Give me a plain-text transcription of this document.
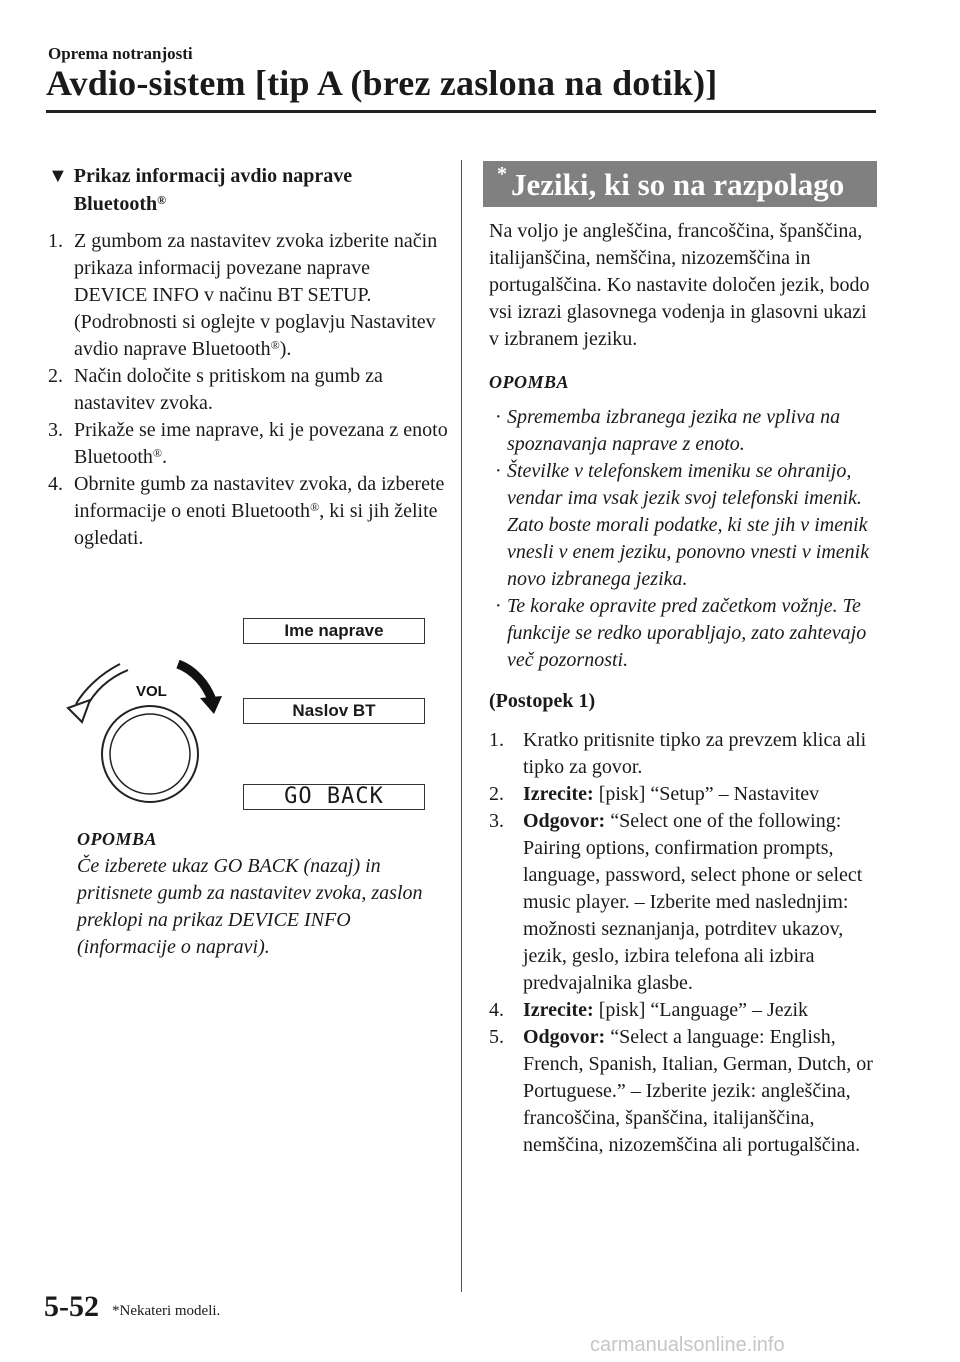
Oprema notranjosti
Avdio-sistem [tip A (brez zaslona na dotik)]
▼ Prikaz informacij avdio naprave Bluetooth®
1. Z gumbom za nastavitev zvoka izberite način prikaza informacij povezane naprave DEVICE INFO v načinu BT SETUP. (Podrobnosti si oglejte v poglavju Nastavitev avdio naprave Bluetooth®).
2. Način določite s pritiskom na gumb za nastavitev zvoka.
3. Prikaže se ime naprave, ki je povezana z enoto Bluetooth®.
4. Obrnite gumb za nastavitev zvoka, da izberete informacije o enoti Bluetooth®, ki si jih želite ogledati.
VOL
Ime naprave
Naslov BT
GO BACK
OPOMBA
Če izberete ukaz GO BACK (nazaj) in pritisnete gumb za nastavitev zvoka, zaslon preklopi na prikaz DEVICE INFO (informacije o napravi).
Jeziki, ki so na razpolago
*

Na voljo je angleščina, francoščina, španščina, italijanščina, nemščina, nizozemščina in portugalščina. Ko nastavite določen jezik, bodo vsi izrazi glasovnega vodenja in glasovni ukazi v izbranem jeziku.

OPOMBA

· Sprememba izbranega jezika ne vpliva na spoznavanja naprave z enoto.
· Številke v telefonskem imeniku se ohranijo, vendar ima vsak jezik svoj telefonski imenik. Zato boste morali podatke, ki ste jih v imenik vnesli v enem jeziku, ponovno vnesti v imenik novo izbranega jezika.
· Te korake opravite pred začetkom vožnje. Te funkcije se redko uporabljajo, zato zahtevajo več pozornosti.

(Postopek 1)

1. Kratko pritisnite tipko za prevzem klica ali tipko za govor.
2. Izrecite: [pisk] “Setup” – Nastavitev
3. Odgovor: “Select one of the following: Pairing options, confirmation prompts, language, password, select phone or select music player. – Izberite med naslednjim: možnosti seznanjanja, potrditev ukazov, jezik, geslo, izbira telefona ali izbira predvajalnika glasbe.
4. Izrecite: [pisk] “Language” – Jezik
5. Odgovor: “Select a language: English, French, Spanish, Italian, German, Dutch, or Portuguese.” – Izberite jezik: angleščina, francoščina, španščina, italijanščina, nemščina, nizozemščina ali portugalščina.
5-52 *Nekateri modeli.
carmanualsonline.info
